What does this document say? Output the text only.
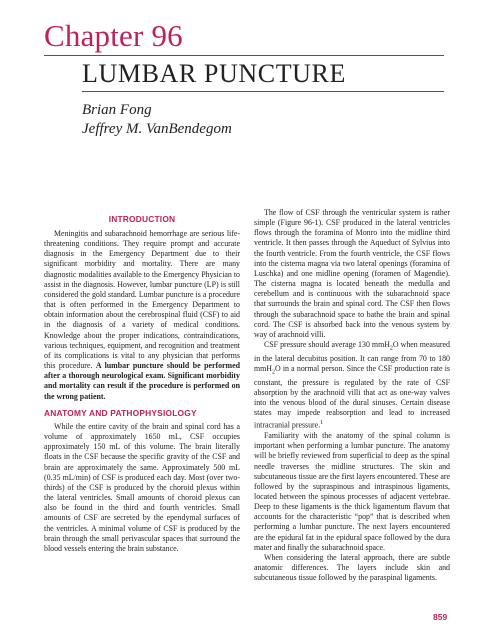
Chapter 96
LUMBAR PUNCTURE
Brian Fong
Jeffrey M. VanBendegom
INTRODUCTION

Meningitis and subarachnoid hemorrhage are serious life-threatening conditions. They require prompt and accurate diagnosis in the Emergency Department due to their significant morbidity and mortality. There are many diagnostic modalities available to the Emergency Physician to assist in the diagnosis. However, lumbar puncture (LP) is still considered the gold standard. Lumbar puncture is a procedure that is often performed in the Emergency Department to obtain information about the cerebrospinal fluid (CSF) to aid in the diagnosis of a variety of medical conditions. Knowledge about the proper indications, contraindications, various techniques, equipment, and recognition and treatment of its complications is vital to any physician that performs this procedure. A lumbar puncture should be performed after a thorough neurological exam. Significant morbidity and mortality can result if the procedure is performed on the wrong patient.

ANATOMY AND PATHOPHYSIOLOGY

While the entire cavity of the brain and spinal cord has a volume of approximately 1650 mL, CSF occupies approximately 150 mL of this volume. The brain literally floats in the CSF because the specific gravity of the CSF and brain are approximately the same. Approximately 500 mL (0.35 mL/min) of CSF is produced each day. Most (over two-thirds) of the CSF is produced by the choroid plexus within the lateral ventricles. Small amounts of choroid plexus can also be found in the third and fourth ventricles. Small amounts of CSF are secreted by the ependymal surfaces of the ventricles. A minimal volume of CSF is produced by the brain through the small perivascular spaces that surround the blood vessels entering the brain substance.

The flow of CSF through the ventricular system is rather simple (Figure 96-1). CSF produced in the lateral ventricles flows through the foramina of Monro into the midline third ventricle. It then passes through the Aqueduct of Sylvius into the fourth ventricle. From the fourth ventricle, the CSF flows into the cisterna magna via two lateral openings (foramina of Luschka) and one midline opening (foramen of Magendie). The cisterna magna is located beneath the medulla and cerebellum and is continuous with the subarachnoid space that surrounds the brain and spinal cord. The CSF then flows through the subarachnoid space to bathe the brain and spinal cord. The CSF is absorbed back into the venous system by way of arachnoid villi.

CSF pressure should average 130 mmH$_2$O when measured in the lateral decubitus position. It can range from 70 to 180 mmH$_2$O in a normal person. Since the CSF production rate is constant, the pressure is regulated by the rate of CSF absorption by the arachnoid villi that act as one-way valves into the venous blood of the dural sinuses. Certain disease states may impede reabsorption and lead to increased intracranial pressure.$^1$

Familiarity with the anatomy of the spinal column is important when performing a lumbar puncture. The anatomy will be briefly reviewed from superficial to deep as the spinal needle traverses the midline structures. The skin and subcutaneous tissue are the first layers encountered. These are followed by the supraspinous and intraspinous ligaments, located between the spinous processes of adjacent vertebrae. Deep to these ligaments is the thick ligamentum flavum that accounts for the characteristic “pop” that is described when performing a lumbar puncture. The next layers encountered are the epidural fat in the epidural space followed by the dura mater and finally the subarachnoid space.

When considering the lateral approach, there are subtle anatomic differences. The layers include skin and subcutaneous tissue followed by the paraspinal ligaments.

859
